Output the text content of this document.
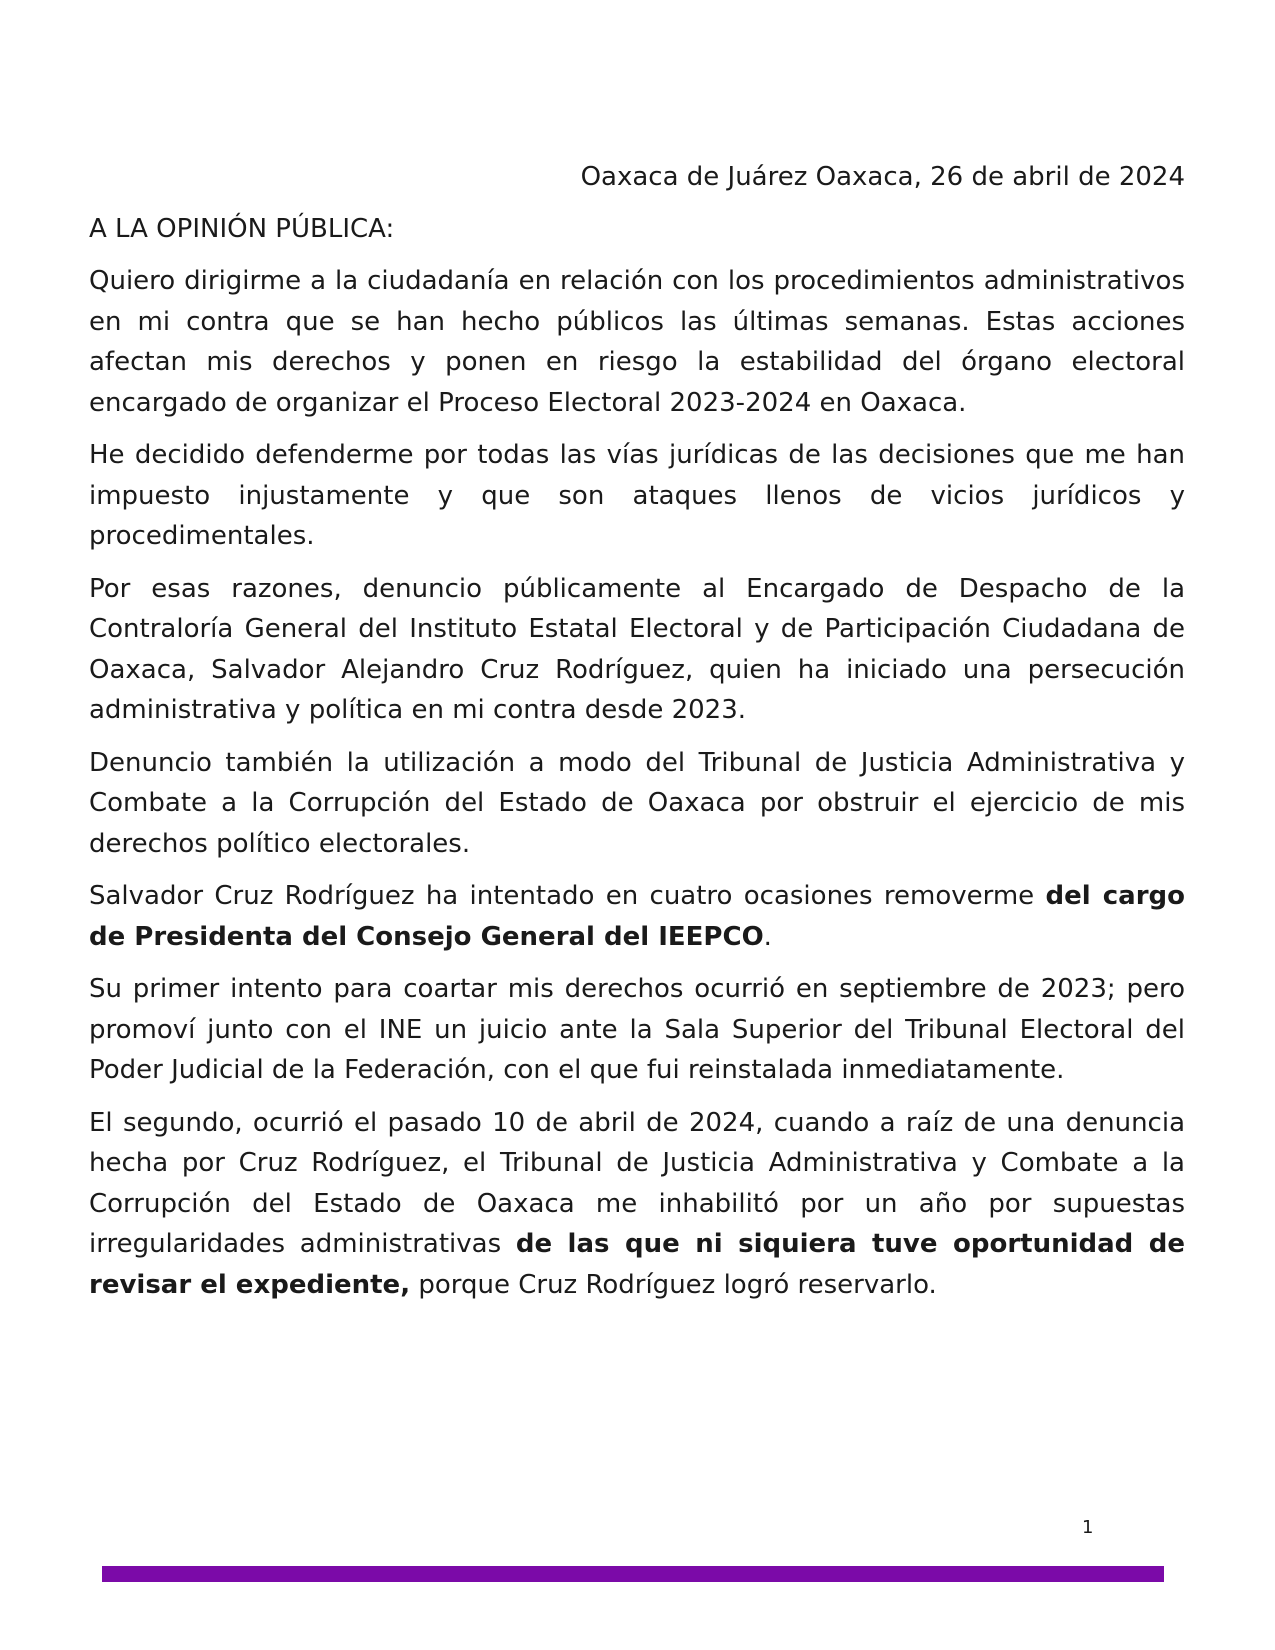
Oaxaca de Juárez Oaxaca, 26 de abril de 2024

A LA OPINIÓN PÚBLICA:

Quiero dirigirme a la ciudadanía en relación con los procedimientos administrativos en mi contra que se han hecho públicos las últimas semanas. Estas acciones afectan mis derechos y ponen en riesgo la estabilidad del órgano electoral encargado de organizar el Proceso Electoral 2023-2024 en Oaxaca.

He decidido defenderme por todas las vías jurídicas de las decisiones que me han impuesto injustamente y que son ataques llenos de vicios jurídicos y procedimentales.

Por esas razones, denuncio públicamente al Encargado de Despacho de la Contraloría General del Instituto Estatal Electoral y de Participación Ciudadana de Oaxaca, Salvador Alejandro Cruz Rodríguez, quien ha iniciado una persecución administrativa y política en mi contra desde 2023.

Denuncio también la utilización a modo del Tribunal de Justicia Administrativa y Combate a la Corrupción del Estado de Oaxaca por obstruir el ejercicio de mis derechos político electorales.

Salvador Cruz Rodríguez ha intentado en cuatro ocasiones removerme del cargo de Presidenta del Consejo General del IEEPCO.

Su primer intento para coartar mis derechos ocurrió en septiembre de 2023; pero promoví junto con el INE un juicio ante la Sala Superior del Tribunal Electoral del Poder Judicial de la Federación, con el que fui reinstalada inmediatamente.

El segundo, ocurrió el pasado 10 de abril de 2024, cuando a raíz de una denuncia hecha por Cruz Rodríguez, el Tribunal de Justicia Administrativa y Combate a la Corrupción del Estado de Oaxaca me inhabilitó por un año por supuestas irregularidades administrativas de las que ni siquiera tuve oportunidad de revisar el expediente, porque Cruz Rodríguez logró reservarlo.

1
